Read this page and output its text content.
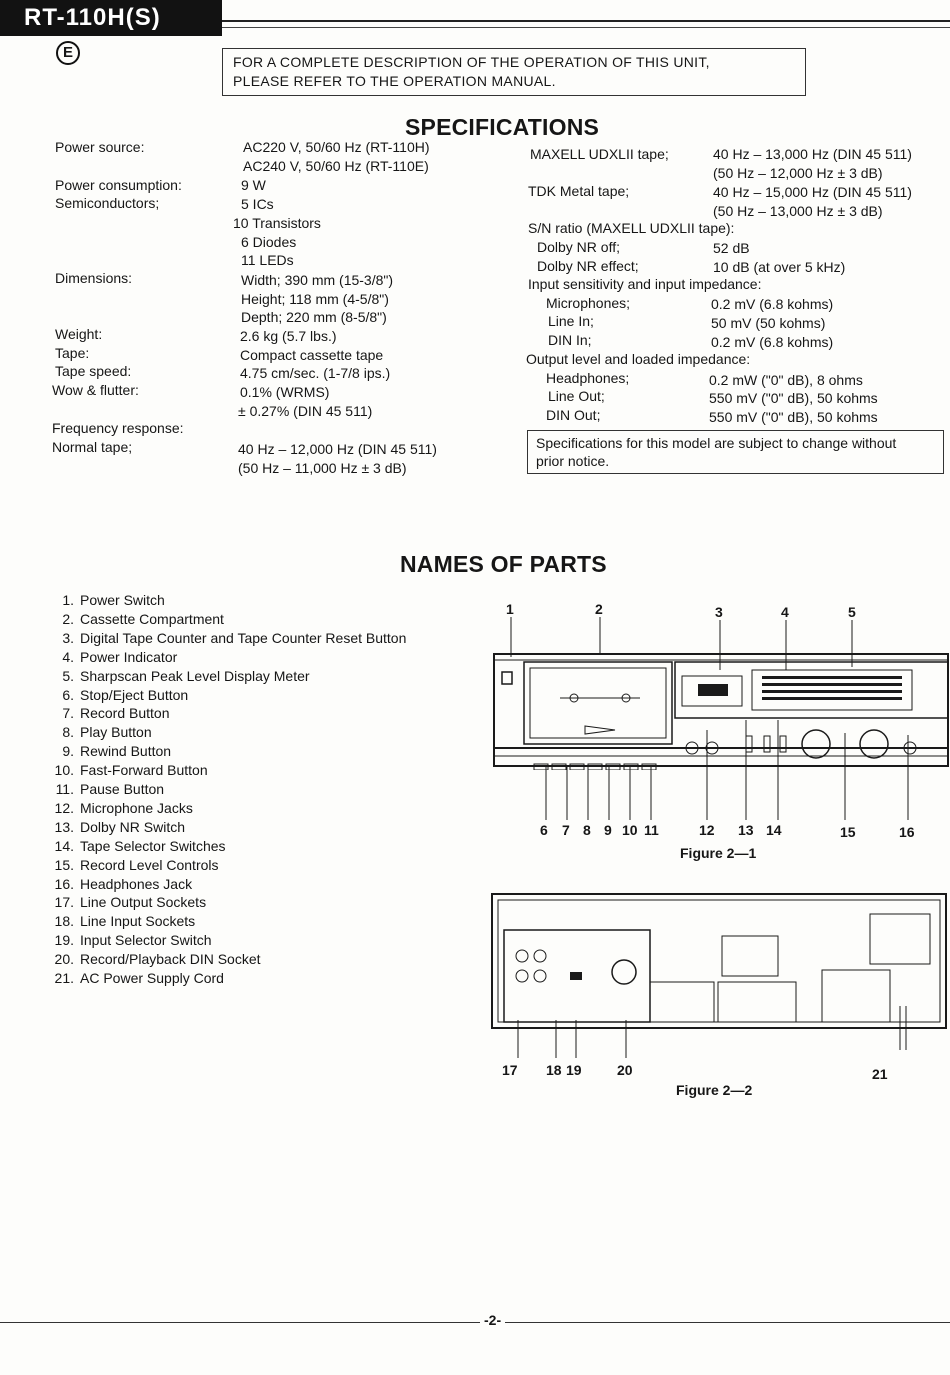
RT-110H(S)
E
FOR A COMPLETE DESCRIPTION OF THE OPERATION OF THIS UNIT,
PLEASE REFER TO THE OPERATION MANUAL.
SPECIFICATIONS
Power source:	AC220 V, 50/60 Hz (RT-110H)
AC240 V, 50/60 Hz (RT-110E)
Power consumption:	9 W
Semiconductors;	5 ICs
10 Transistors
6 Diodes
11 LEDs
Dimensions:	Width; 390 mm (15-3/8")
Height; 118 mm (4-5/8")
Depth; 220 mm (8-5/8")
Weight:	2.6 kg (5.7 lbs.)
Tape:	Compact cassette tape
Tape speed:	4.75 cm/sec. (1-7/8 ips.)
Wow & flutter:	0.1% (WRMS)
± 0.27% (DIN 45 511)
Frequency response:
Normal tape;	40 Hz – 12,000 Hz (DIN 45 511)
(50 Hz – 11,000 Hz ± 3 dB)
MAXELL UDXLII tape;	40 Hz – 13,000 Hz (DIN 45 511)
(50 Hz – 12,000 Hz ± 3 dB)
TDK Metal tape;	40 Hz – 15,000 Hz (DIN 45 511)
(50 Hz – 13,000 Hz ± 3 dB)
S/N ratio (MAXELL UDXLII tape):
Dolby NR off;	52 dB
Dolby NR effect;	10 dB (at over 5 kHz)
Input sensitivity and input impedance:
Microphones;	0.2 mV (6.8 kohms)
Line In;	50 mV (50 kohms)
DIN In;	0.2 mV (6.8 kohms)
Output level and loaded impedance:
Headphones;	0.2 mW ("0" dB), 8 ohms
Line Out;	550 mV ("0" dB), 50 kohms
DIN Out;	550 mV ("0" dB), 50 kohms
Specifications for this model are subject to change without
prior notice.
NAMES OF PARTS
1. Power Switch
2. Cassette Compartment
3. Digital Tape Counter and Tape Counter Reset Button
4. Power Indicator
5. Sharpscan Peak Level Display Meter
6. Stop/Eject Button
7. Record Button
8. Play Button
9. Rewind Button
10. Fast-Forward Button
11. Pause Button
12. Microphone Jacks
13. Dolby NR Switch
14. Tape Selector Switches
15. Record Level Controls
16. Headphones Jack
17. Line Output Sockets
18. Line Input Sockets
19. Input Selector Switch
20. Record/Playback DIN Socket
21. AC Power Supply Cord
1	2	3	4	5
6 7 8 9 10 11	12 13 14	15	16
Figure 2—1
17 18 19	20	21
Figure 2—2
-2-
